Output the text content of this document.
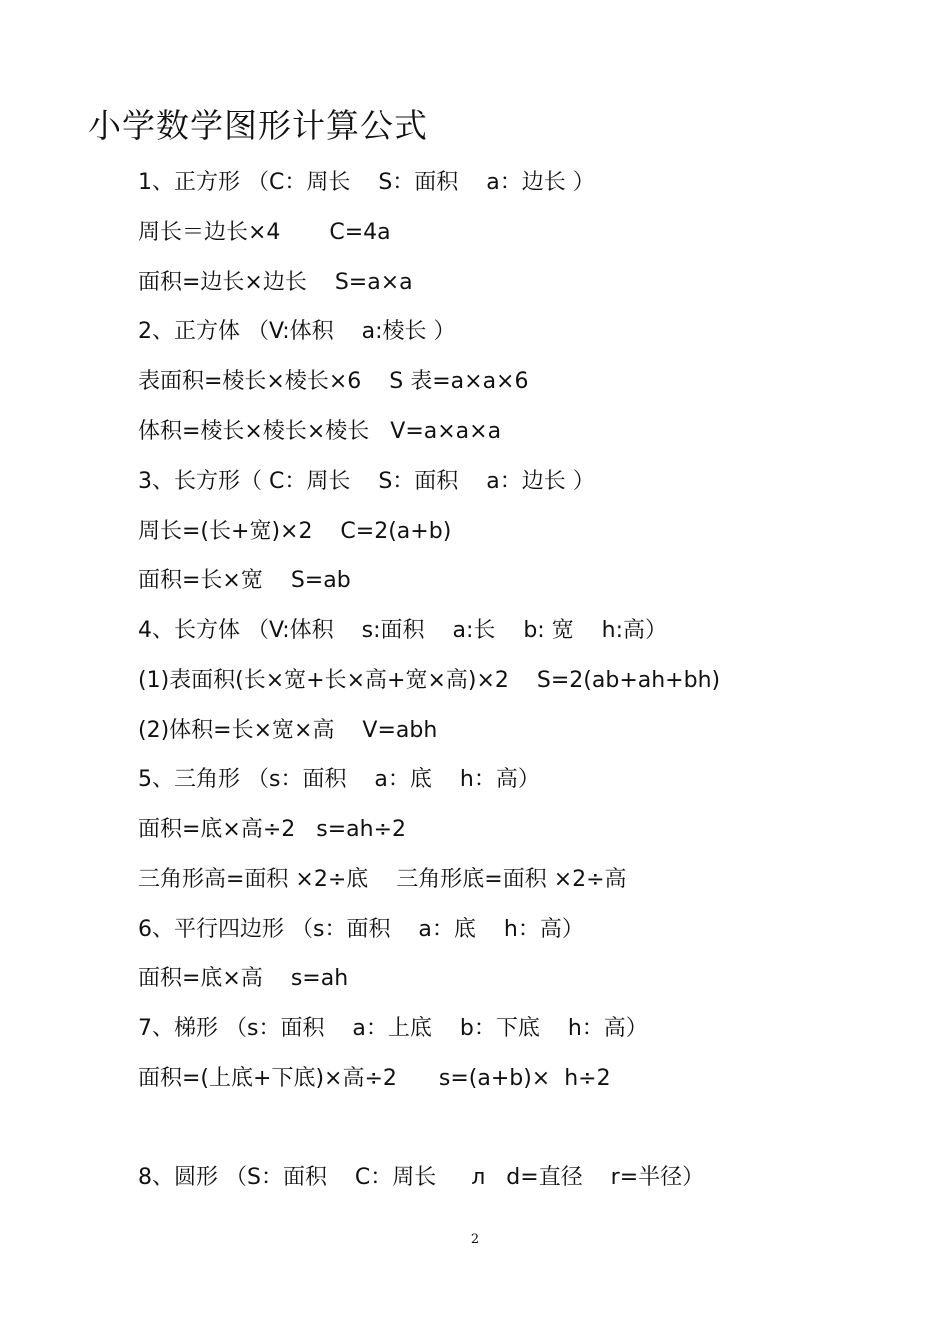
小学数学图形计算公式
1、正方形 （C：周长    S：面积    a：边长 ）
周长＝边长×4       C=4a
面积=边长×边长    S=a×a
2、正方体 （V:体积    a:棱长 ）
表面积=棱长×棱长×6    S 表=a×a×6
体积=棱长×棱长×棱长   V=a×a×a
3、长方形（ C：周长    S：面积    a：边长 ）
周长=(长+宽)×2    C=2(a+b)
面积=长×宽    S=ab
4、长方体 （V:体积    s:面积    a:长    b: 宽    h:高）
(1)表面积(长×宽+长×高+宽×高)×2    S=2(ab+ah+bh)
(2)体积=长×宽×高    V=abh
5、三角形 （s：面积    a：底    h：高）
面积=底×高÷2   s=ah÷2
三角形高=面积 ×2÷底    三角形底=面积 ×2÷高
6、平行四边形 （s：面积    a：底    h：高）
面积=底×高    s=ah
7、梯形 （s：面积    a：上底    b：下底    h：高）
面积=(上底+下底)×高÷2      s=(a+b)×  h÷2
8、圆形 （S：面积    C：周长     л   d=直径    r=半径）
2
